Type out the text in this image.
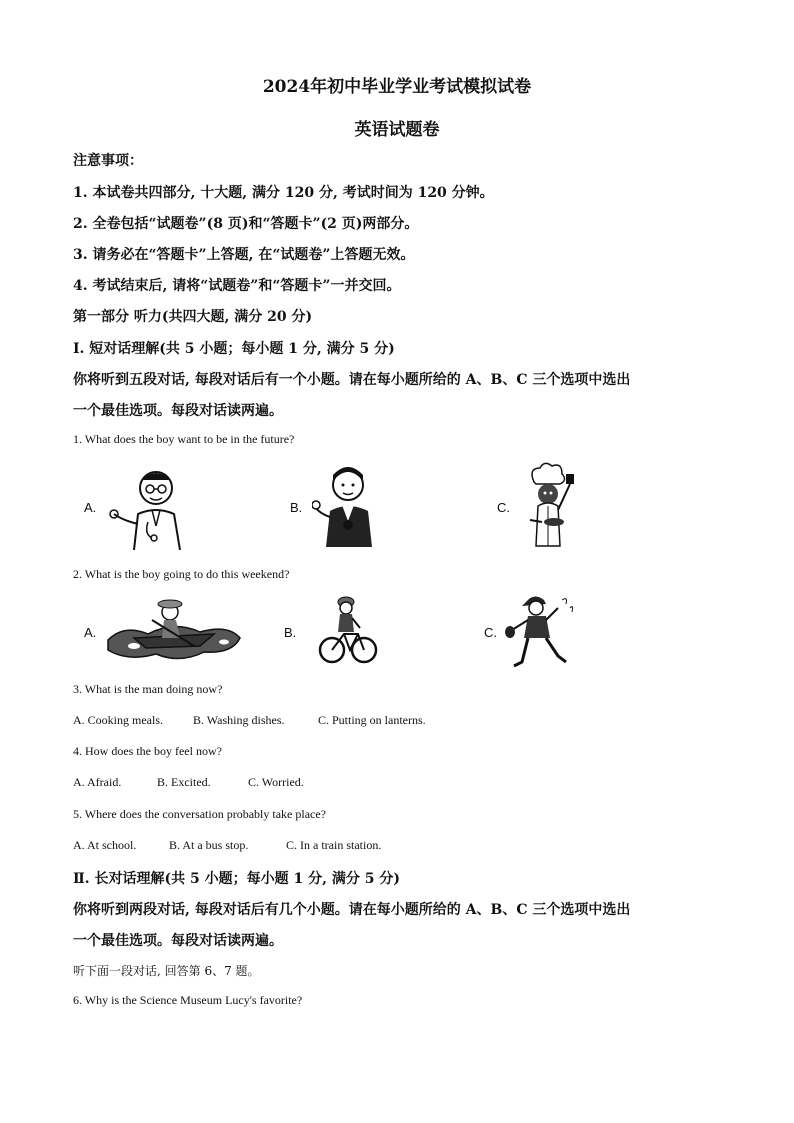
2024年初中毕业学业考试模拟试卷
英语试题卷
注意事项：
1. 本试卷共四部分, 十大题, 满分 120 分, 考试时间为 120 分钟。
2. 全卷包括“试题卷”(8 页)和“答题卡”(2 页)两部分。
3. 请务必在“答题卡”上答题, 在“试题卷”上答题无效。
4. 考试结束后, 请将“试题卷”和“答题卡”一并交回。
第一部分 听力(共四大题, 满分 20 分)
I. 短对话理解(共 5 小题；每小题 1 分, 满分 5 分)
你将听到五段对话, 每段对话后有一个小题。请在每小题所给的 A、B、C 三个选项中选出
一个最佳选项。每段对话读两遍。
1. What does the boy want to be in the future?
A.	B.	C.
2. What is the boy going to do this weekend?
A.	B.	C.
3. What is the man doing now?
A. Cooking meals.	B. Washing dishes.	C. Putting on lanterns.
4. How does the boy feel now?
A. Afraid.	B. Excited.	C. Worried.
5. Where does the conversation probably take place?
A. At school.	B. At a bus stop.	C. In a train station.
Ⅱ. 长对话理解(共 5 小题；每小题 1 分, 满分 5 分)
你将听到两段对话, 每段对话后有几个小题。请在每小题所给的 A、B、C 三个选项中选出
一个最佳选项。每段对话读两遍。
听下面一段对话, 回答第 6、7 题。
6. Why is the Science Museum Lucy's favorite?
